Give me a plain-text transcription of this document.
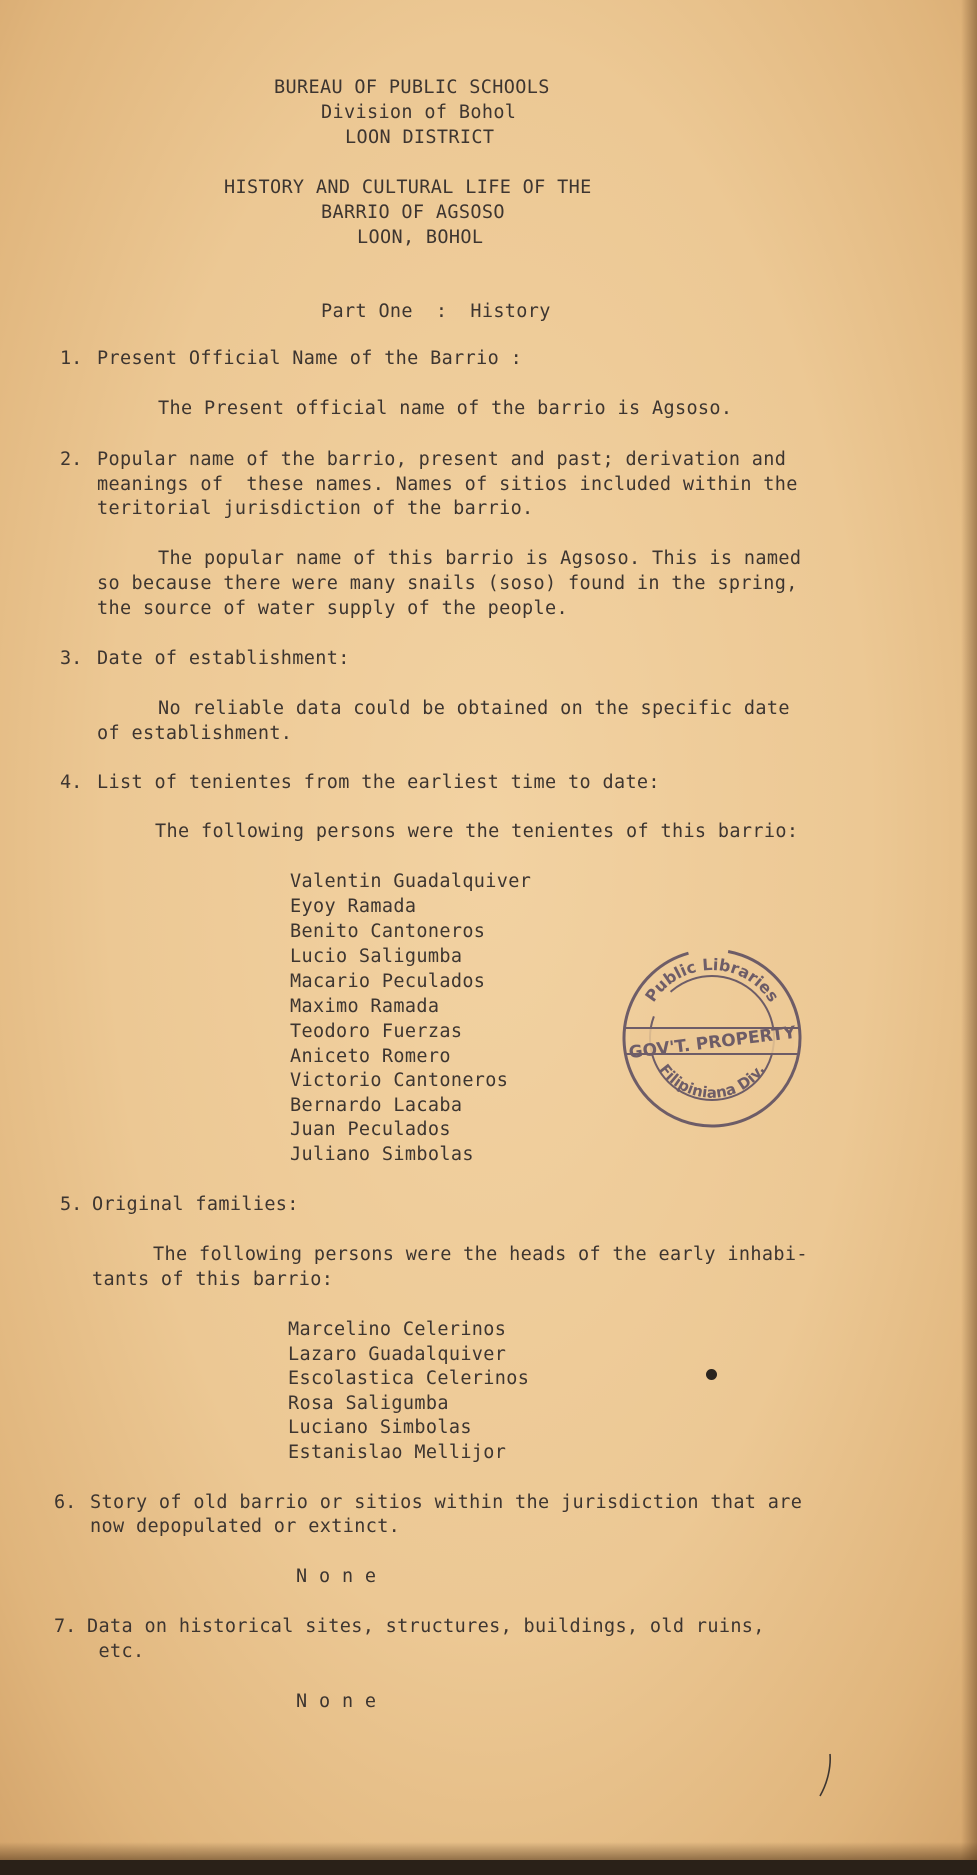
BUREAU OF PUBLIC SCHOOLS
Division of Bohol
LOON DISTRICT
HISTORY AND CULTURAL LIFE OF THE
BARRIO OF AGSOSO
LOON, BOHOL
Part One  :  History
1. Present Official Name of the Barrio :
The Present official name of the barrio is Agsoso.
2. Popular name of the barrio, present and past; derivation and
meanings of  these names. Names of sitios included within the
teritorial jurisdiction of the barrio.
The popular name of this barrio is Agsoso. This is named
so because there were many snails (soso) found in the spring,
the source of water supply of the people.
3. Date of establishment:
No reliable data could be obtained on the specific date
of establishment.
4. List of tenientes from the earliest time to date:
The following persons were the tenientes of this barrio:
Valentin Guadalquiver
Eyoy Ramada
Benito Cantoneros
Lucio Saligumba
Macario Peculados
Maximo Ramada
Teodoro Fuerzas
Aniceto Romero
Victorio Cantoneros
Bernardo Lacaba
Juan Peculados
Juliano Simbolas
5. Original families:
The following persons were the heads of the early inhabi-
tants of this barrio:
Marcelino Celerinos
Lazaro Guadalquiver
Escolastica Celerinos
Rosa Saligumba
Luciano Simbolas
Estanislao Mellijor
6. Story of old barrio or sitios within the jurisdiction that are
now depopulated or extinct.
N o n e
7. Data on historical sites, structures, buildings, old ruins,
etc.
N o n e
Public Libraries
GOV'T. PROPERTY
Filipiniana Div.
